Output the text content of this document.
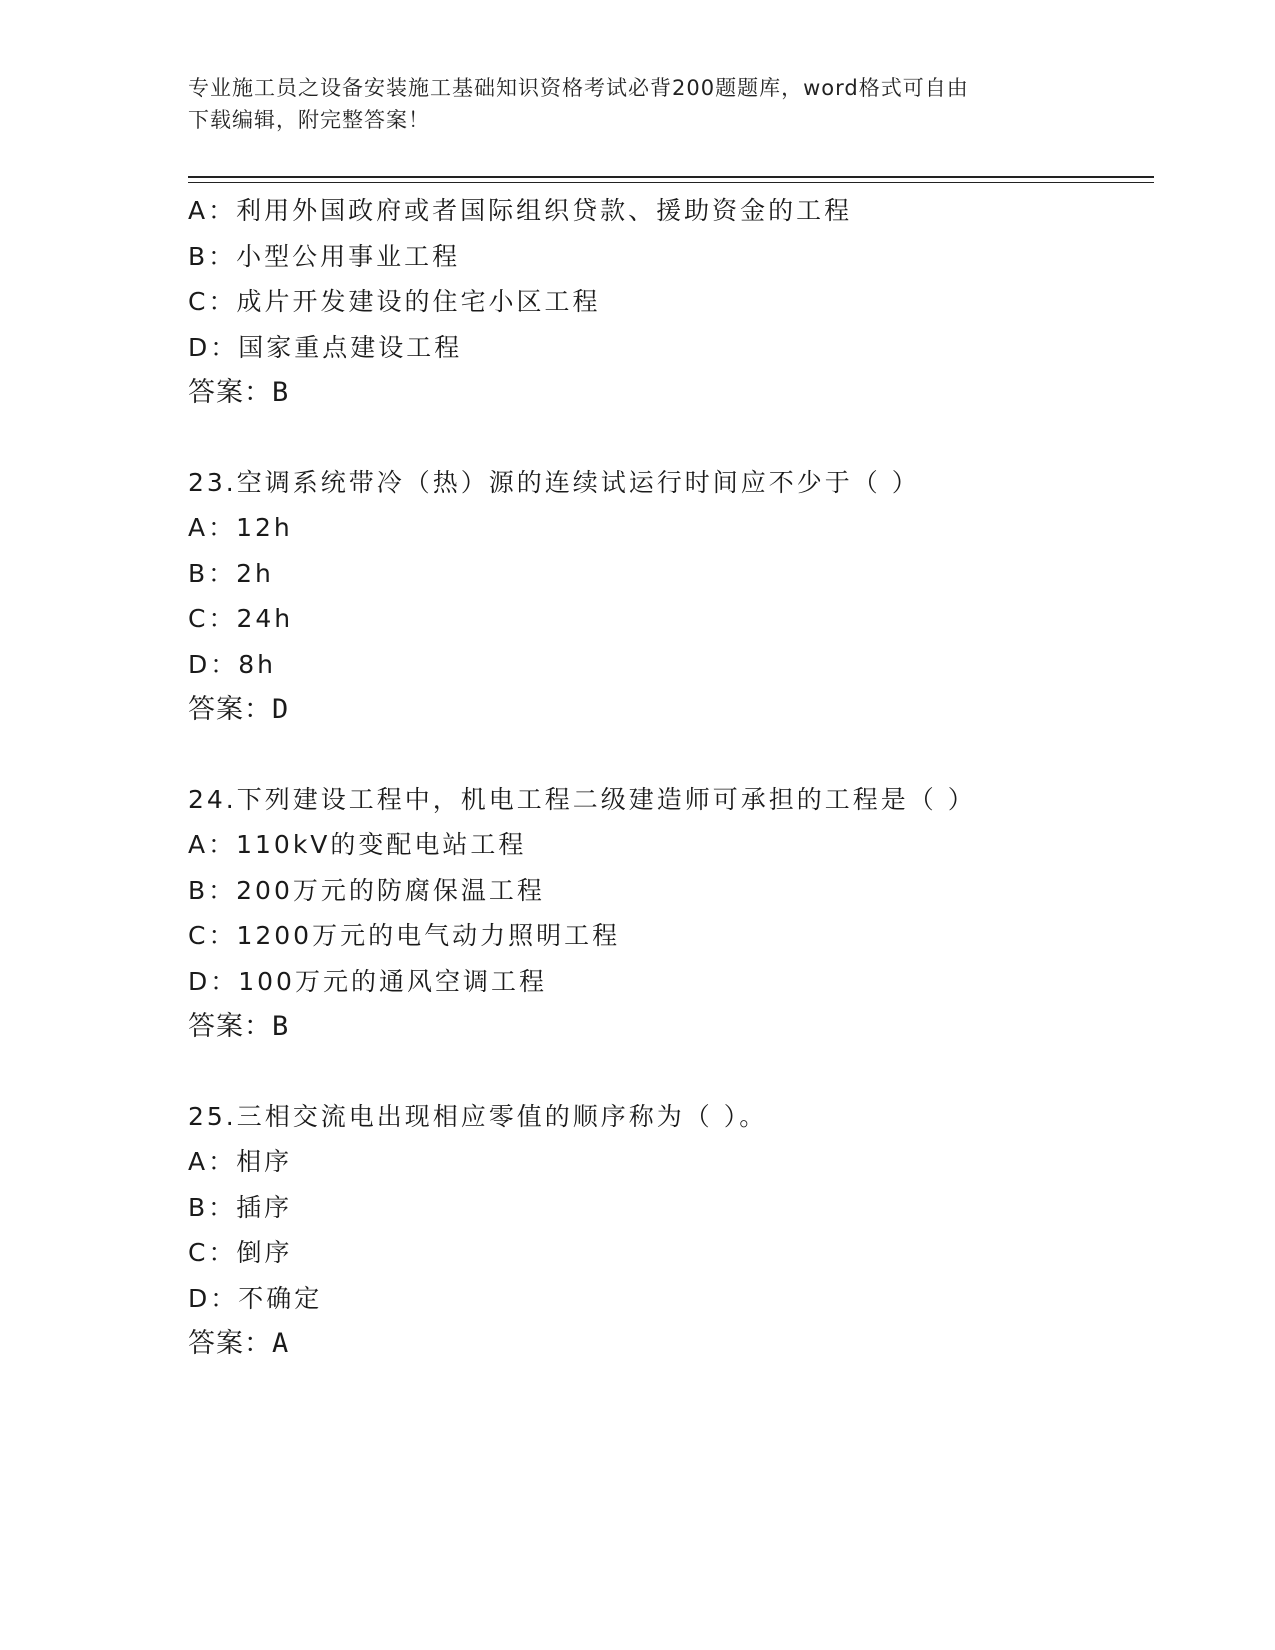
专业施工员之设备安装施工基础知识资格考试必背200题题库，word格式可自由
下载编辑，附完整答案！
A：利用外国政府或者国际组织贷款、援助资金的工程
B：小型公用事业工程
C：成片开发建设的住宅小区工程
D：国家重点建设工程
答案：B
23.空调系统带冷（热）源的连续试运行时间应不少于（ ）
A：12h
B：2h
C：24h
D：8h
答案：D
24.下列建设工程中，机电工程二级建造师可承担的工程是（ ）
A：110kV的变配电站工程
B：200万元的防腐保温工程
C：1200万元的电气动力照明工程
D：100万元的通风空调工程
答案：B
25.三相交流电出现相应零值的顺序称为（ ）。
A：相序
B：插序
C：倒序
D：不确定
答案：A
